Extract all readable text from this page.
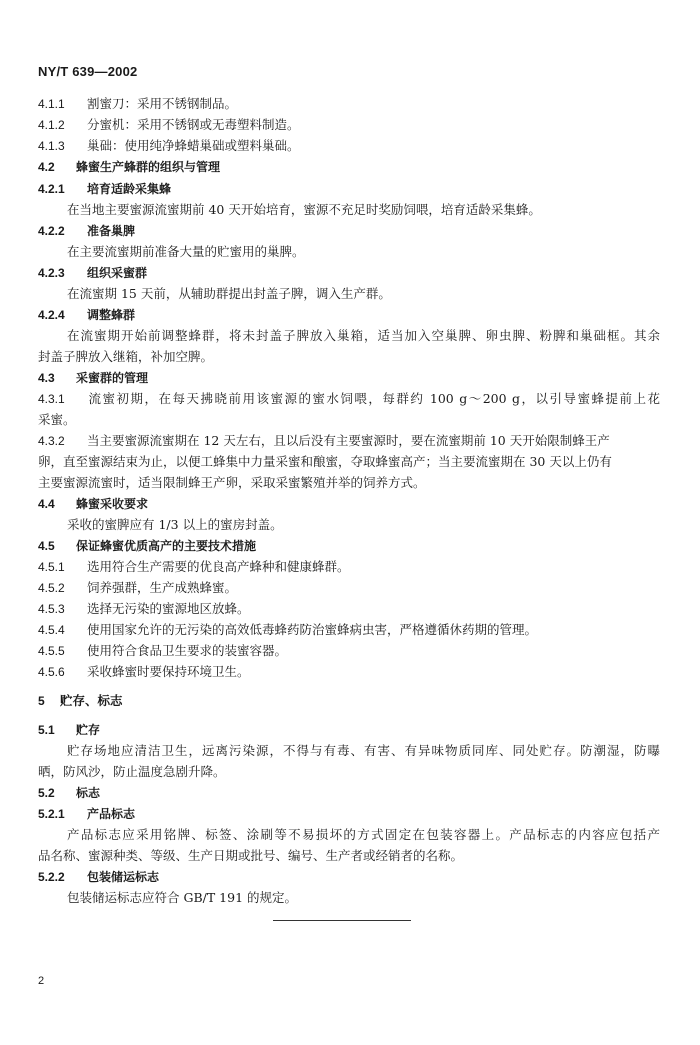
NY/T 639—2002
4.1.1 割蜜刀：采用不锈钢制品。
4.1.2 分蜜机：采用不锈钢或无毒塑料制造。
4.1.3 巢础：使用纯净蜂蜡巢础或塑料巢础。
4.2 蜂蜜生产蜂群的组织与管理
4.2.1 培育适龄采集蜂
在当地主要蜜源流蜜期前 40 天开始培育，蜜源不充足时奖励饲喂，培育适龄采集蜂。
4.2.2 准备巢脾
在主要流蜜期前准备大量的贮蜜用的巢脾。
4.2.3 组织采蜜群
在流蜜期 15 天前，从辅助群提出封盖子脾，调入生产群。
4.2.4 调整蜂群
在流蜜期开始前调整蜂群，将未封盖子脾放入巢箱，适当加入空巢脾、卵虫脾、粉脾和巢础框。其余
封盖子脾放入继箱，补加空脾。
4.3 采蜜群的管理
4.3.1 流蜜初期，在每天拂晓前用该蜜源的蜜水饲喂，每群约 100 g～200 g，以引导蜜蜂提前上花
采蜜。
4.3.2 当主要蜜源流蜜期在 12 天左右，且以后没有主要蜜源时，要在流蜜期前 10 天开始限制蜂王产
卵，直至蜜源结束为止，以便工蜂集中力量采蜜和酿蜜，夺取蜂蜜高产；当主要流蜜期在 30 天以上仍有
主要蜜源流蜜时，适当限制蜂王产卵，采取采蜜繁殖并举的饲养方式。
4.4 蜂蜜采收要求
采收的蜜脾应有 1/3 以上的蜜房封盖。
4.5 保证蜂蜜优质高产的主要技术措施
4.5.1 选用符合生产需要的优良高产蜂种和健康蜂群。
4.5.2 饲养强群，生产成熟蜂蜜。
4.5.3 选择无污染的蜜源地区放蜂。
4.5.4 使用国家允许的无污染的高效低毒蜂药防治蜜蜂病虫害，严格遵循休药期的管理。
4.5.5 使用符合食品卫生要求的装蜜容器。
4.5.6 采收蜂蜜时要保持环境卫生。
5 贮存、标志
5.1 贮存
贮存场地应清洁卫生，远离污染源，不得与有毒、有害、有异味物质同库、同处贮存。防潮湿，防曝
晒，防风沙，防止温度急剧升降。
5.2 标志
5.2.1 产品标志
产品标志应采用铭牌、标签、涂刷等不易损坏的方式固定在包装容器上。产品标志的内容应包括产
品名称、蜜源种类、等级、生产日期或批号、编号、生产者或经销者的名称。
5.2.2 包装储运标志
包装储运标志应符合 GB/T 191 的规定。
2
